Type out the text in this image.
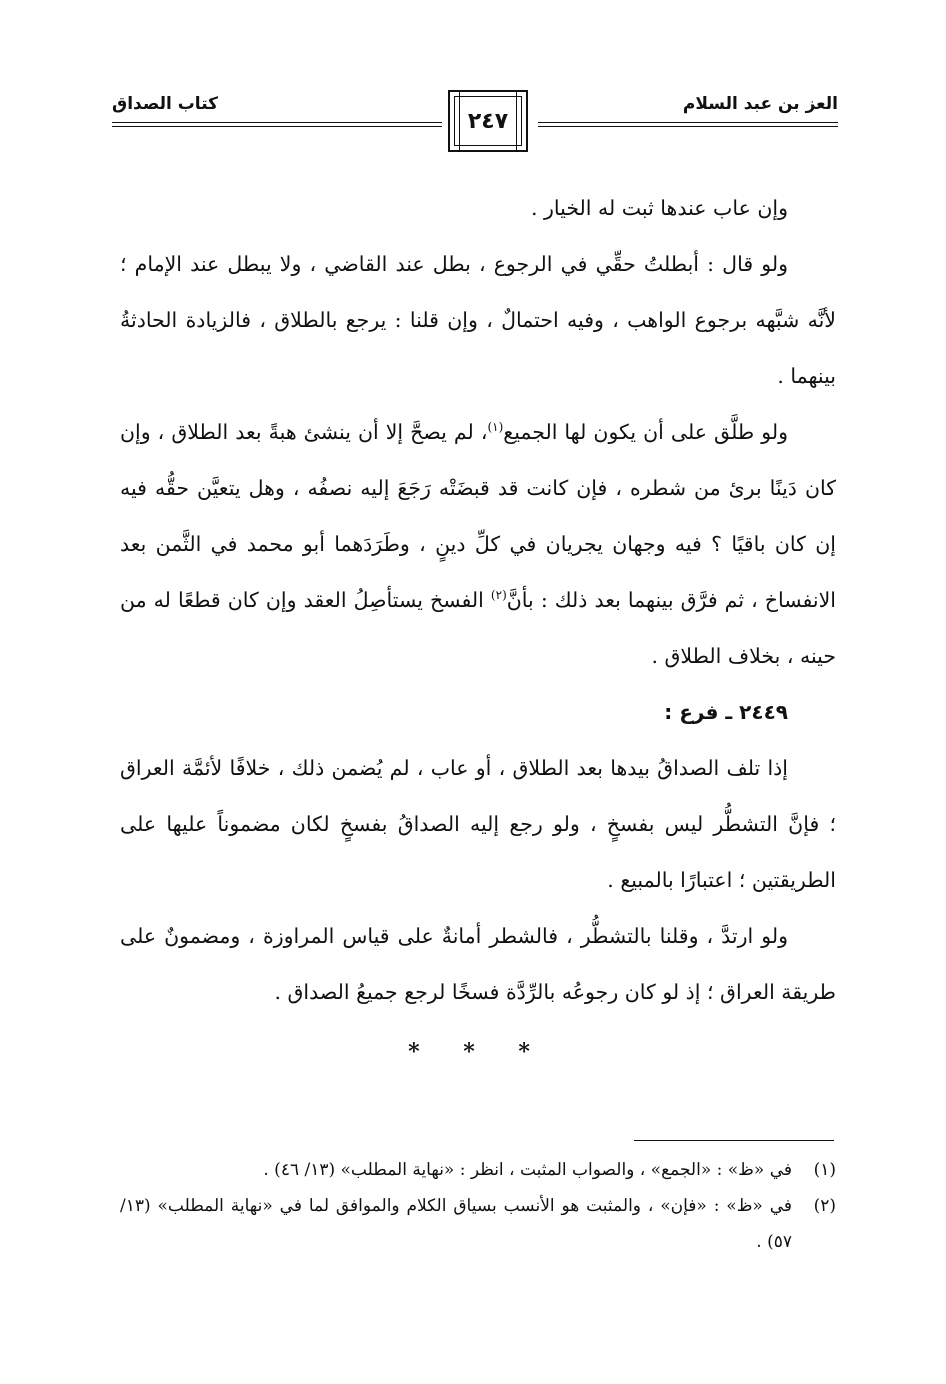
كتاب الصداق
٢٤٧
العز بن عبد السلام

وإن عاب عندها ثبت له الخيار .

ولو قال : أبطلتُ حقِّي في الرجوع ، بطل عند القاضي ، ولا يبطل عند الإمام ؛ لأنَّه شبَّهه برجوع الواهب ، وفيه احتمالٌ ، وإن قلنا : يرجع بالطلاق ، فالزيادة الحادثةُ بينهما .

ولو طلَّق على أن يكون لها الجميع$^{(١)}$، لم يصحَّ إلا أن ينشئ هبةً بعد الطلاق ، وإن كان دَينًا برئ من شطره ، فإن كانت قد قبضَتْه رَجَعَ إليه نصفُه ، وهل يتعيَّن حقُّه فيه إن كان باقيًا ؟ فيه وجهان يجريان في كلِّ دينٍ ، وطَرَدَهما أبو محمد في الثَّمن بعد الانفساخ ، ثم فرَّق بينهما بعد ذلك : بأنَّ$^{(٢)}$ الفسخ يستأصِلُ العقد وإن كان قطعًا له من حينه ، بخلاف الطلاق .

٢٤٤٩ ـ فرع :

إذا تلف الصداقُ بيدها بعد الطلاق ، أو عاب ، لم يُضمن ذلك ، خلافًا لأئمَّة العراق ؛ فإنَّ التشطُّر ليس بفسخٍ ، ولو رجع إليه الصداقُ بفسخٍ لكان مضموناً عليها على الطريقتين ؛ اعتبارًا بالمبيع .

ولو ارتدَّ ، وقلنا بالتشطُّر ، فالشطر أمانةٌ على قياس المراوزة ، ومضمونٌ على طريقة العراق ؛ إذ لو كان رجوعُه بالرِّدَّة فسخًا لرجع جميعُ الصداق .

* * *
(١)
في «ظ» : «الجمع» ، والصواب المثبت ، انظر : «نهاية المطلب» (١٣/ ٤٦) .
(٢)
في «ظ» : «فإن» ، والمثبت هو الأنسب بسياق الكلام والموافق لما في «نهاية المطلب» (١٣/ ٥٧) .
